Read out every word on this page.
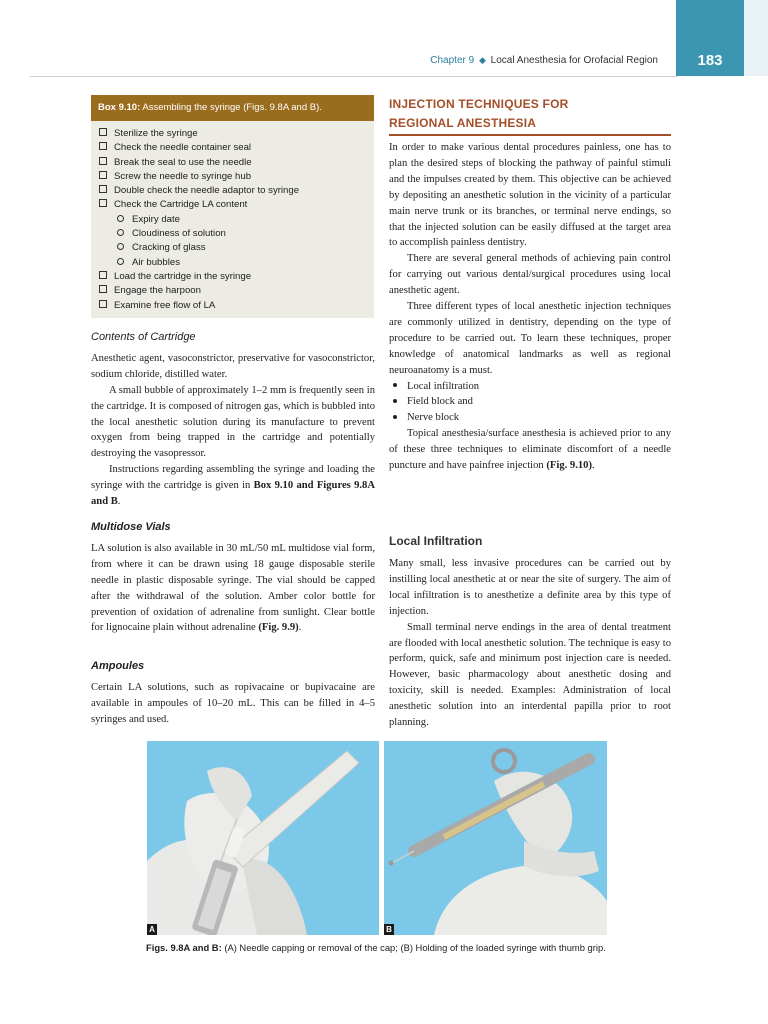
Chapter 9 ◆ Local Anesthesia for Orofacial Region	183
Box 9.10: Assembling the syringe (Figs. 9.8A and B).
Sterilize the syringe
Check the needle container seal
Break the seal to use the needle
Screw the needle to syringe hub
Double check the needle adaptor to syringe
Check the Cartridge LA content
Expiry date
Cloudiness of solution
Cracking of glass
Air bubbles
Load the cartridge in the syringe
Engage the harpoon
Examine free flow of LA
Contents of Cartridge

Anesthetic agent, vasoconstrictor, preservative for vasoconstrictor, sodium chloride, distilled water.

A small bubble of approximately 1–2 mm is frequently seen in the cartridge. It is composed of nitrogen gas, which is bubbled into the local anesthetic solution during its manufacture to prevent oxygen from being trapped in the cartridge and potentially destroying the vasopressor.

Instructions regarding assembling the syringe and loading the syringe with the cartridge is given in Box 9.10 and Figures 9.8A and B.

Multidose Vials

LA solution is also available in 30 mL/50 mL multidose vial form, from where it can be drawn using 18 gauge disposable sterile needle in plastic disposable syringe. The vial should be capped after the withdrawal of the solution. Amber color bottle for prevention of oxidation of adrenaline from sunlight. Clear bottle for lignocaine plain without adrenaline (Fig. 9.9).

Ampoules

Certain LA solutions, such as ropivacaine or bupivacaine are available in ampoules of 10–20 mL. This can be filled in 4–5 syringes and used.

INJECTION TECHNIQUES FOR
REGIONAL ANESTHESIA

In order to make various dental procedures painless, one has to plan the desired steps of blocking the pathway of painful stimuli and the impulses created by them. This objective can be achieved by depositing an anesthetic solution in the vicinity of a particular main nerve trunk or its branches, or terminal nerve endings, so that the injected solution can be easily diffused at the target area to accomplish painless dentistry.

There are several general methods of achieving pain control for carrying out various dental/surgical procedures using local anesthetic agent.

Three different types of local anesthetic injection techniques are commonly utilized in dentistry, depending on the type of procedure to be carried out. To learn these techniques, proper knowledge of anatomical landmarks as well as regional neuroanatomy is a must.

Local infiltration
Field block and
Nerve block

Topical anesthesia/surface anesthesia is achieved prior to any of these three techniques to eliminate discomfort of a needle puncture and have painfree injection (Fig. 9.10).

Local Infiltration

Many small, less invasive procedures can be carried out by instilling local anesthetic at or near the site of surgery. The aim of local infiltration is to anesthetize a definite area by this type of injection.

Small terminal nerve endings in the area of dental treatment are flooded with local anesthetic solution. The technique is easy to perform, quick, safe and minimum post injection care is needed. However, basic pharmacology about anesthetic dosing and toxicity, skill is needed. Examples: Administration of local anesthetic solution into an interdental papilla prior to root planning.

A	B
Figs. 9.8A and B: (A) Needle capping or removal of the cap; (B) Holding of the loaded syringe with thumb grip.
